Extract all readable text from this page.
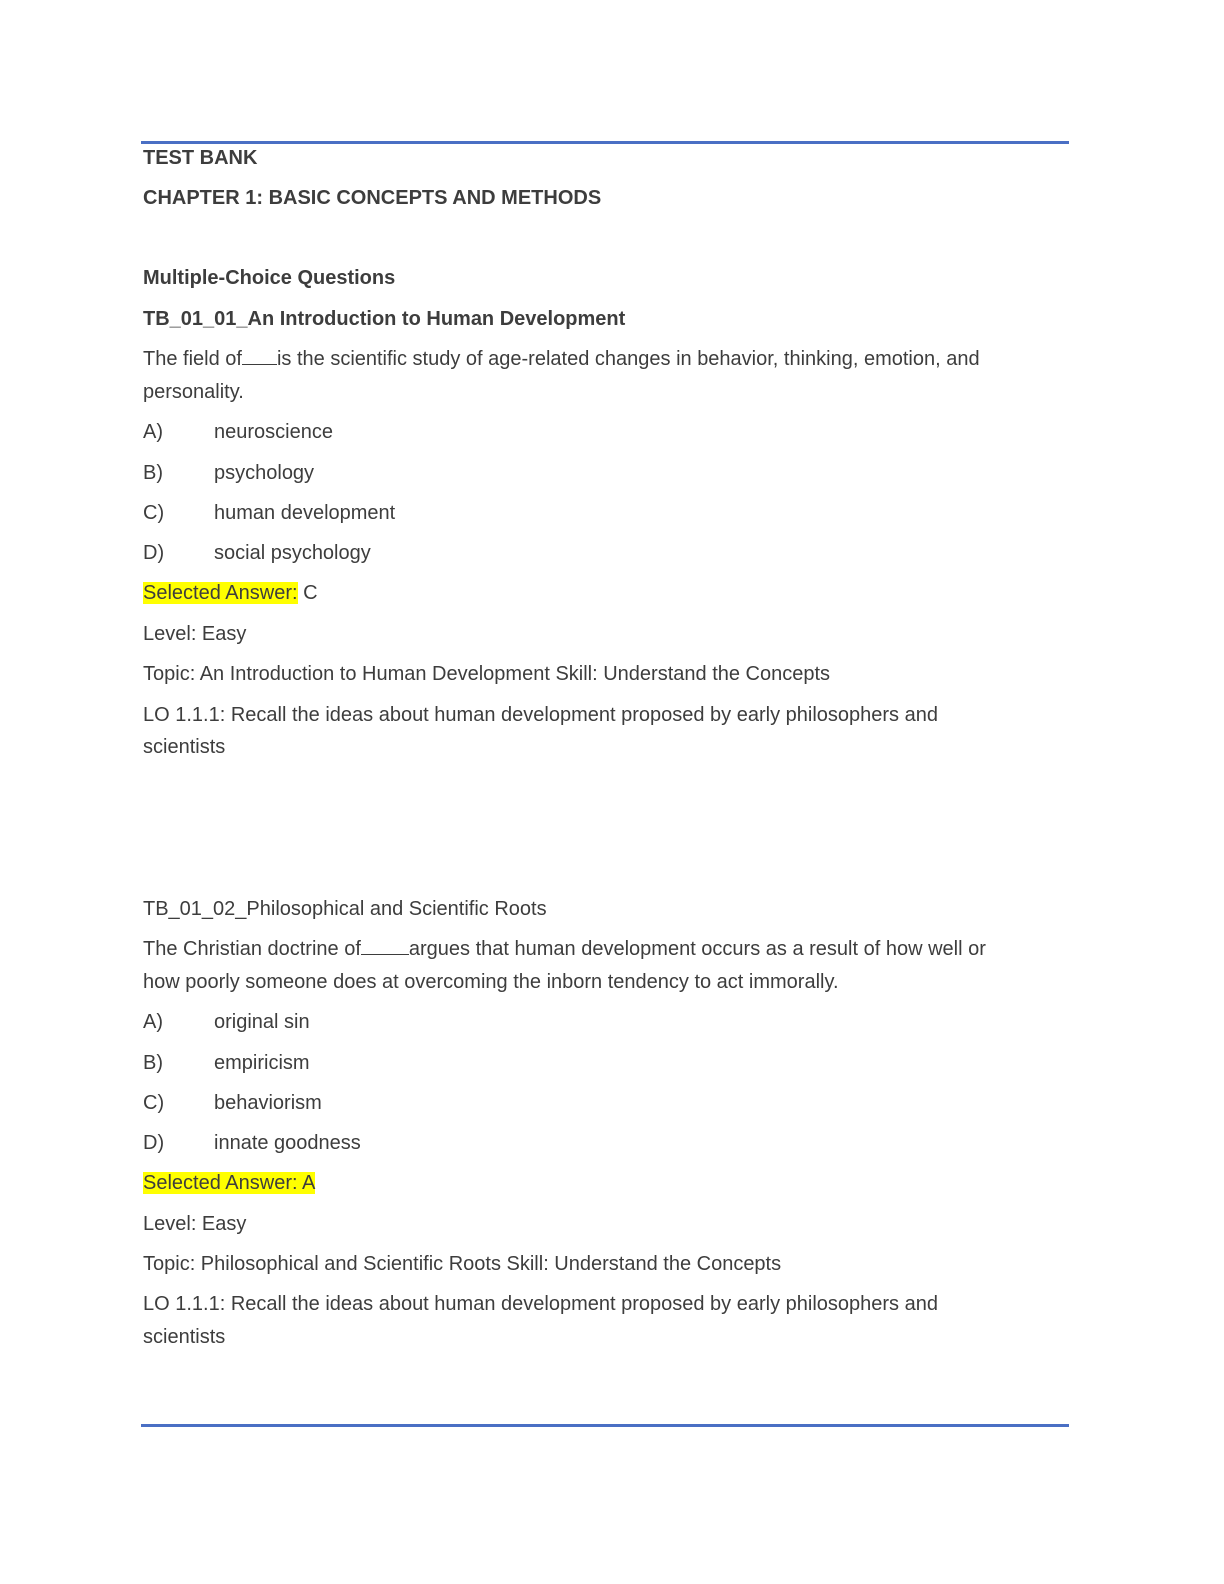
TEST BANK
CHAPTER 1: BASIC CONCEPTS AND METHODS
Multiple-Choice Questions
TB_01_01_An Introduction to Human Development
The field of is the scientific study of age-related changes in behavior, thinking, emotion, and
personality.
A)	neuroscience
B)	psychology
C) human development
D) social psychology
Selected Answer: C
Level: Easy
Topic: An Introduction to Human Development Skill: Understand the Concepts
LO 1.1.1: Recall the ideas about human development proposed by early philosophers and
scientists
TB_01_02_Philosophical and Scientific Roots
The Christian doctrine of argues that human development occurs as a result of how well or
how poorly someone does at overcoming the inborn tendency to act immorally.
A)	original sin
B)	empiricism
C) behaviorism
D) innate goodness
Selected Answer: A
Level: Easy
Topic: Philosophical and Scientific Roots Skill: Understand the Concepts
LO 1.1.1: Recall the ideas about human development proposed by early philosophers and
scientists
